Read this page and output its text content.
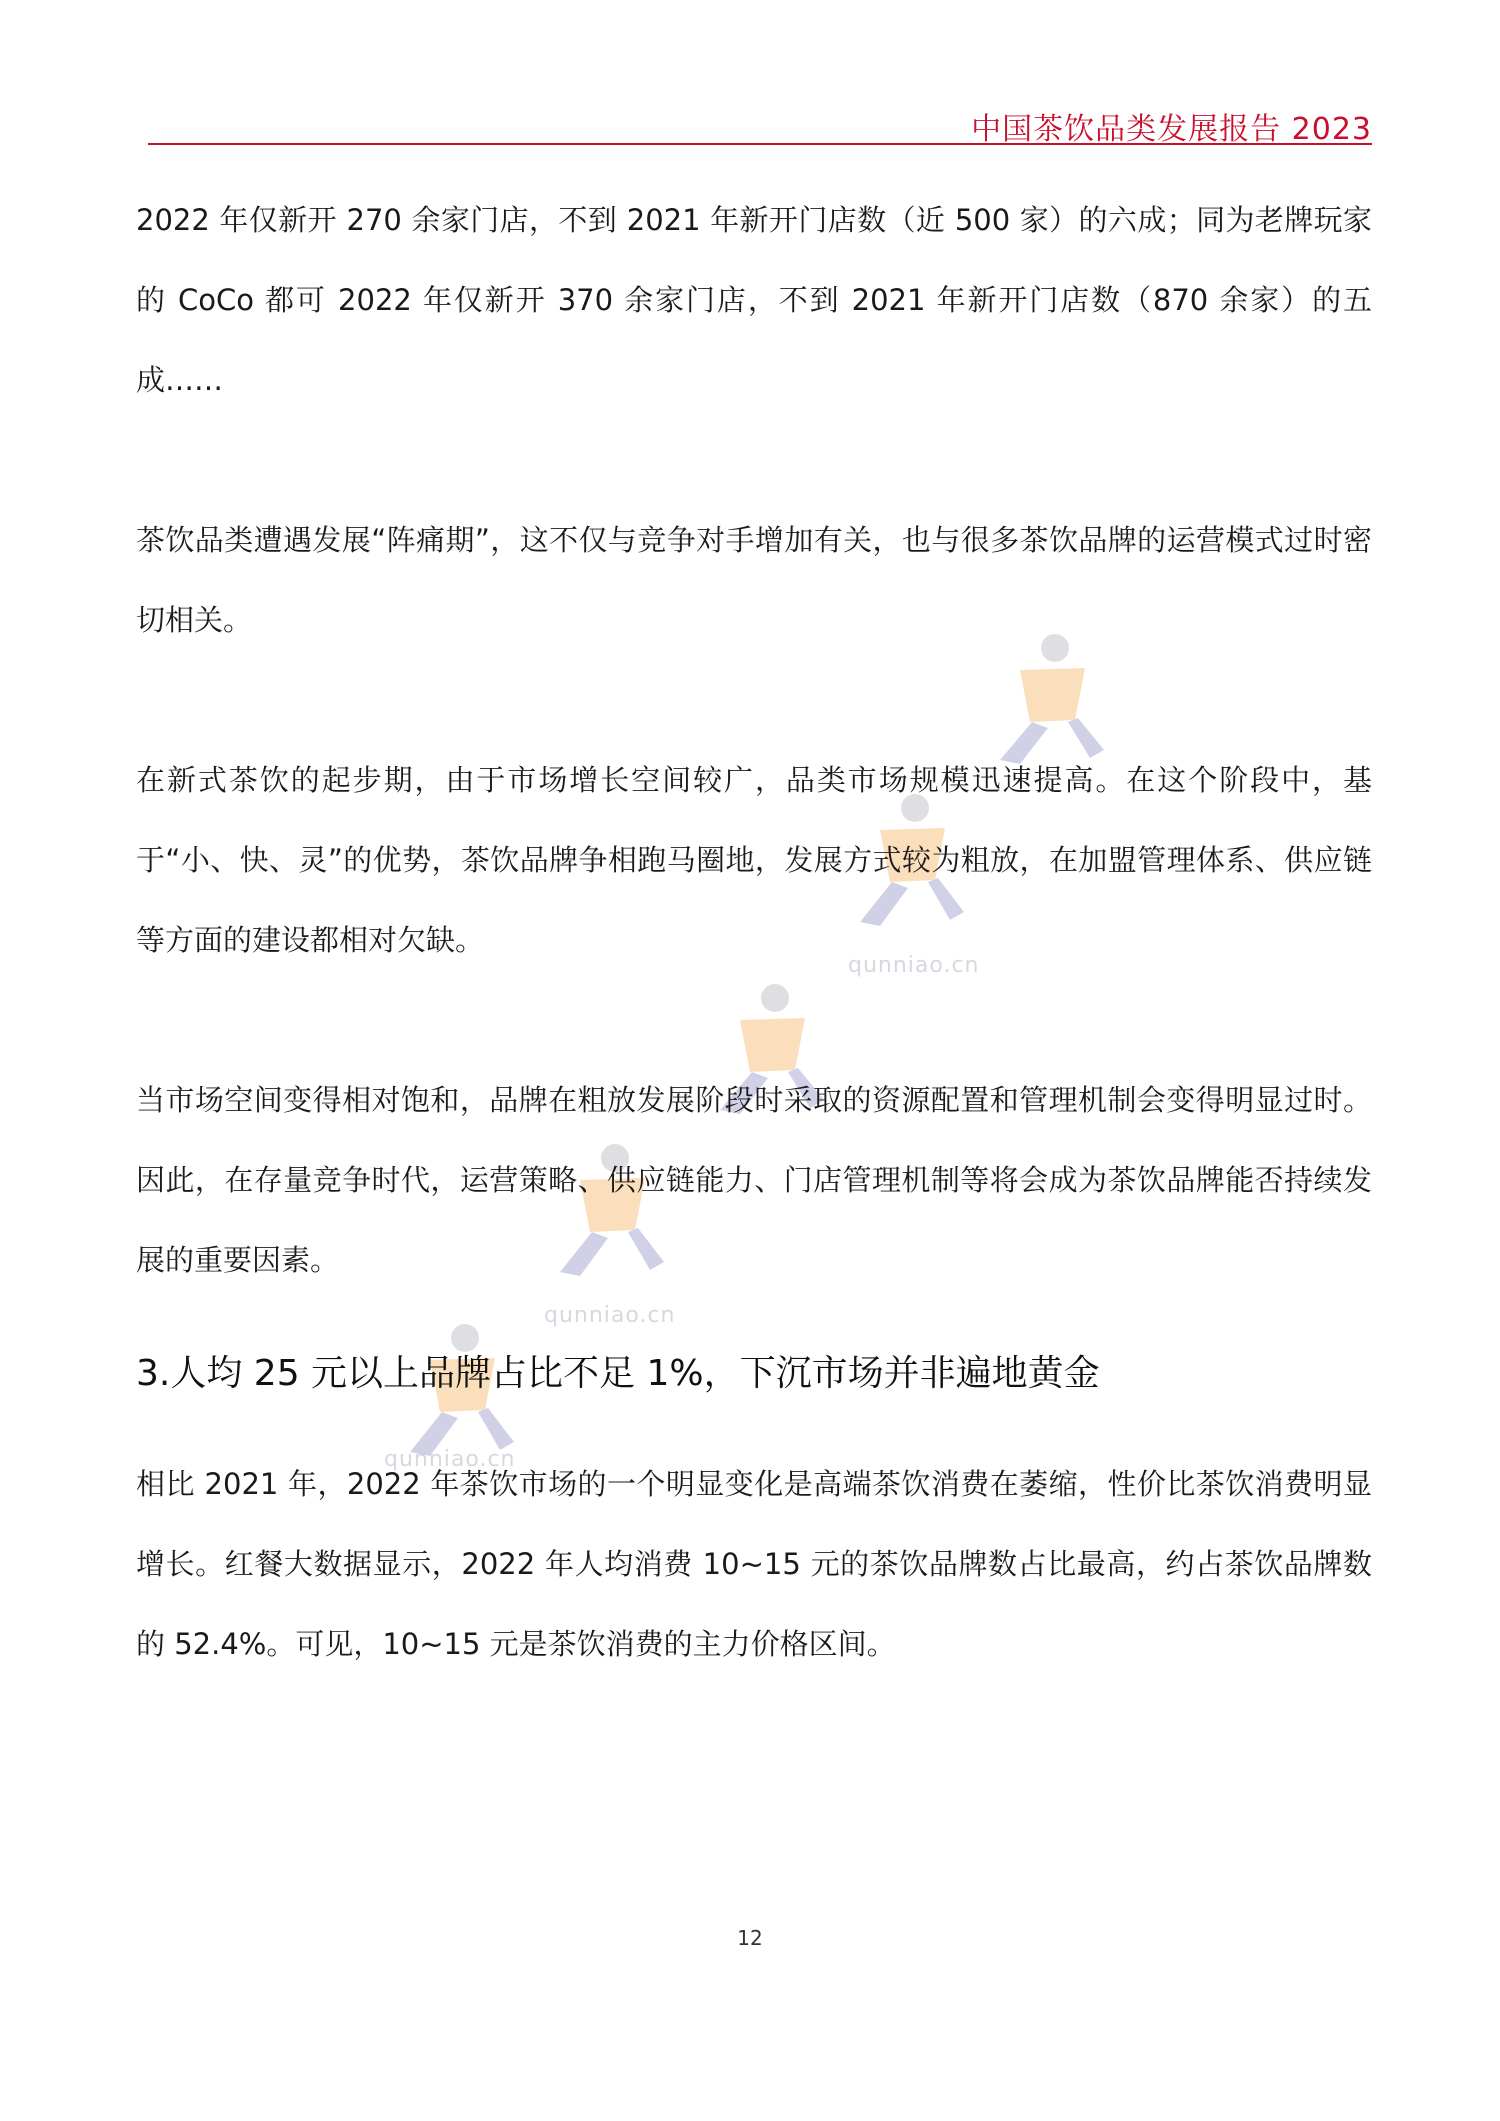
中国茶饮品类发展报告 2023
qunniao.cn
qunniao.cn
qunniao.cn

2022 年仅新开 270 余家门店，不到 2021 年新开门店数（近 500 家）的六成；同为老牌玩家的 CoCo 都可 2022 年仅新开 370 余家门店，不到 2021 年新开门店数（870 余家）的五成……

茶饮品类遭遇发展“阵痛期”，这不仅与竞争对手增加有关，也与很多茶饮品牌的运营模式过时密切相关。

在新式茶饮的起步期，由于市场增长空间较广，品类市场规模迅速提高。在这个阶段中，基于“小、快、灵”的优势，茶饮品牌争相跑马圈地，发展方式较为粗放，在加盟管理体系、供应链等方面的建设都相对欠缺。

当市场空间变得相对饱和，品牌在粗放发展阶段时采取的资源配置和管理机制会变得明显过时。因此，在存量竞争时代，运营策略、供应链能力、门店管理机制等将会成为茶饮品牌能否持续发展的重要因素。

3.人均 25 元以上品牌占比不足 1%，下沉市场并非遍地黄金

相比 2021 年，2022 年茶饮市场的一个明显变化是高端茶饮消费在萎缩，性价比茶饮消费明显增长。红餐大数据显示，2022 年人均消费 10~15 元的茶饮品牌数占比最高，约占茶饮品牌数的 52.4%。可见，10~15 元是茶饮消费的主力价格区间。

12
